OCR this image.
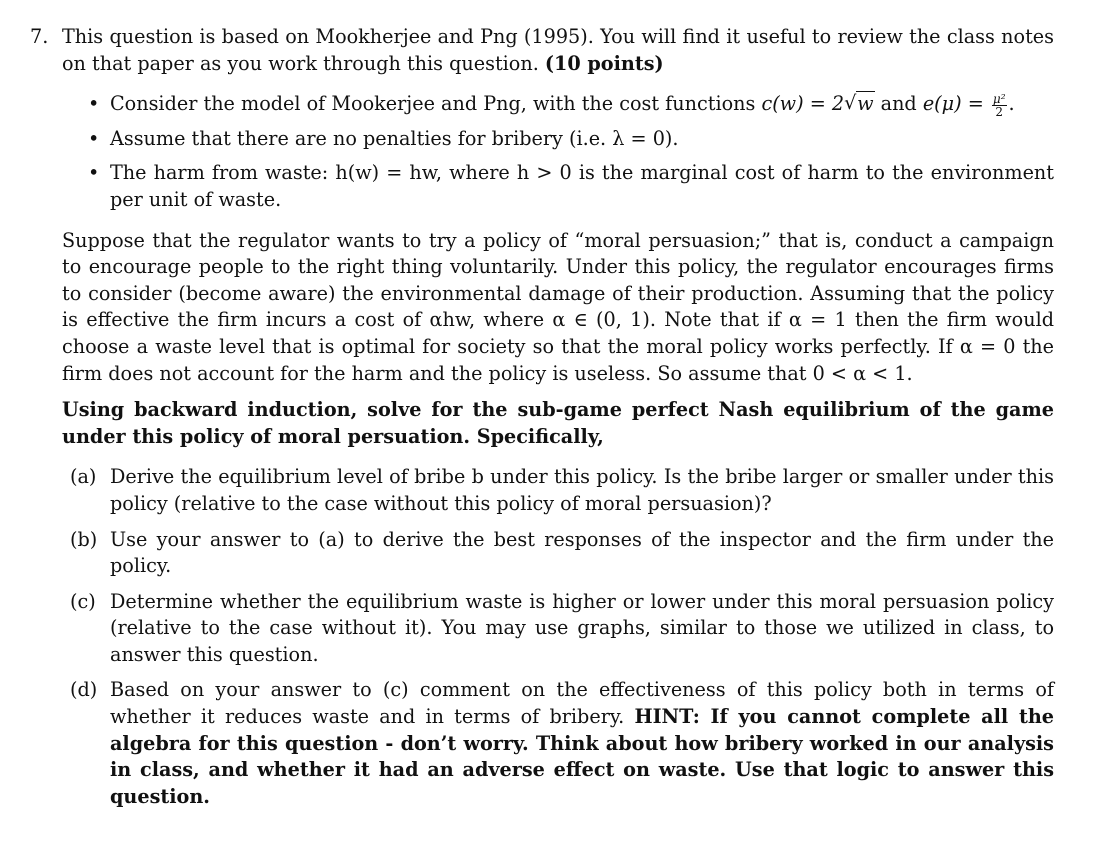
7. This question is based on Mookherjee and Png (1995). You will find it useful to review the class notes on that paper as you work through this question. (10 points)
• Consider the model of Mookerjee and Png, with the cost functions c(w) = 2√ w and $e(\mu) = \frac{\text{μ²}}{2}$ .
• Assume that there are no penalties for bribery (i.e. λ = 0).
• The harm from waste: h(w) = hw, where h > 0 is the marginal cost of harm to the environment per unit of waste.
Suppose that the regulator wants to try a policy of “moral persuasion;” that is, conduct a campaign to encourage people to the right thing voluntarily. Under this policy, the regulator encourages firms to consider (become aware) the environmental damage of their production. Assuming that the policy is effective the firm incurs a cost of αhw, where α ∈ (0, 1). Note that if α = 1 then the firm would choose a waste level that is optimal for society so that the moral policy works perfectly. If α = 0 the firm does not account for the harm and the policy is useless. So assume that 0 < α < 1.
Using backward induction, solve for the sub-game perfect Nash equilibrium of the game under this policy of moral persuation. Specifically,
(a) Derive the equilibrium level of bribe b under this policy. Is the bribe larger or smaller under this policy (relative to the case without this policy of moral persuasion)?
(b) Use your answer to (a) to derive the best responses of the inspector and the firm under the policy.
(c) Determine whether the equilibrium waste is higher or lower under this moral persuasion policy (relative to the case without it). You may use graphs, similar to those we utilized in class, to answer this question.
(d) Based on your answer to (c) comment on the effectiveness of this policy both in terms of whether it reduces waste and in terms of bribery. HINT: If you cannot complete all the algebra for this question - don’t worry. Think about how bribery worked in our analysis in class, and whether it had an adverse effect on waste. Use that logic to answer this question.
